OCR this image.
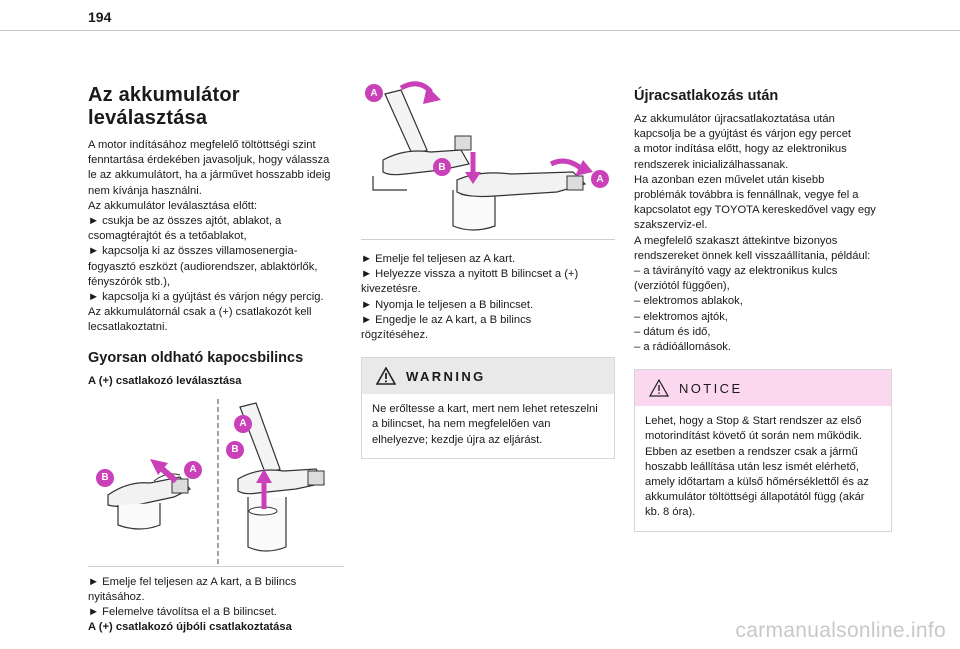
194
Az akkumulátor leválasztása

A motor indításához megfelelő töltöttségi szint

fenntartása érdekében javasoljuk, hogy válassza

le az akkumulátort, ha a járművet hosszabb ideig

nem kívánja használni.

Az akkumulátor leválasztása előtt:

► csukja be az összes ajtót, ablakot, a

csomagtérajtót és a tetőablakot,

► kapcsolja ki az összes villamosenergia-

fogyasztó eszközt (audiorendszer, ablaktörlők,

fényszórók stb.),

► kapcsolja ki a gyújtást és várjon négy percig.

Az akkumulátornál csak a (+) csatlakozót kell

lecsatlakoztatni.

Gyorsan oldható kapocsbilincs

A (+) csatlakozó leválasztása

A
B
A
B

► Emelje fel teljesen az A kart, a B bilincs

nyitásához.

► Felemelve távolítsa el a B bilincset.

A (+) csatlakozó újbóli csatlakoztatása

A
B
A

► Emelje fel teljesen az A kart.

► Helyezze vissza a nyitott B bilincset a (+)

kivezetésre.

► Nyomja le teljesen a B bilincset.

► Engedje le az A kart, a B bilincs

rögzítéséhez.

WARNING

Ne erőltesse a kart, mert nem lehet reteszelni

a bilincset, ha nem megfelelően van

elhelyezve; kezdje újra az eljárást.

Újracsatlakozás után

Az akkumulátor újracsatlakoztatása után

kapcsolja be a gyújtást és várjon egy percet

a motor indítása előtt, hogy az elektronikus

rendszerek inicializálhassanak.

Ha azonban ezen művelet után kisebb

problémák továbbra is fennállnak, vegye fel a

kapcsolatot egy TOYOTA kereskedővel vagy egy

szakszerviz-el.

A megfelelő szakaszt áttekintve bizonyos

rendszereket önnek kell visszaállítania, például:

– a távirányító vagy az elektronikus kulcs

(verziótól függően),

– elektromos ablakok,

– elektromos ajtók,

– dátum és idő,

– a rádióállomások.

NOTICE

Lehet, hogy a Stop & Start rendszer az első

motorindítást követő út során nem működik.

Ebben az esetben a rendszer csak a jármű

hoszabb leállítása után lesz ismét elérhető,

amely időtartam a külső hőmérséklettől és az

akkumulátor töltöttségi állapotától függ (akár

kb. 8 óra).

carmanualsonline.info
